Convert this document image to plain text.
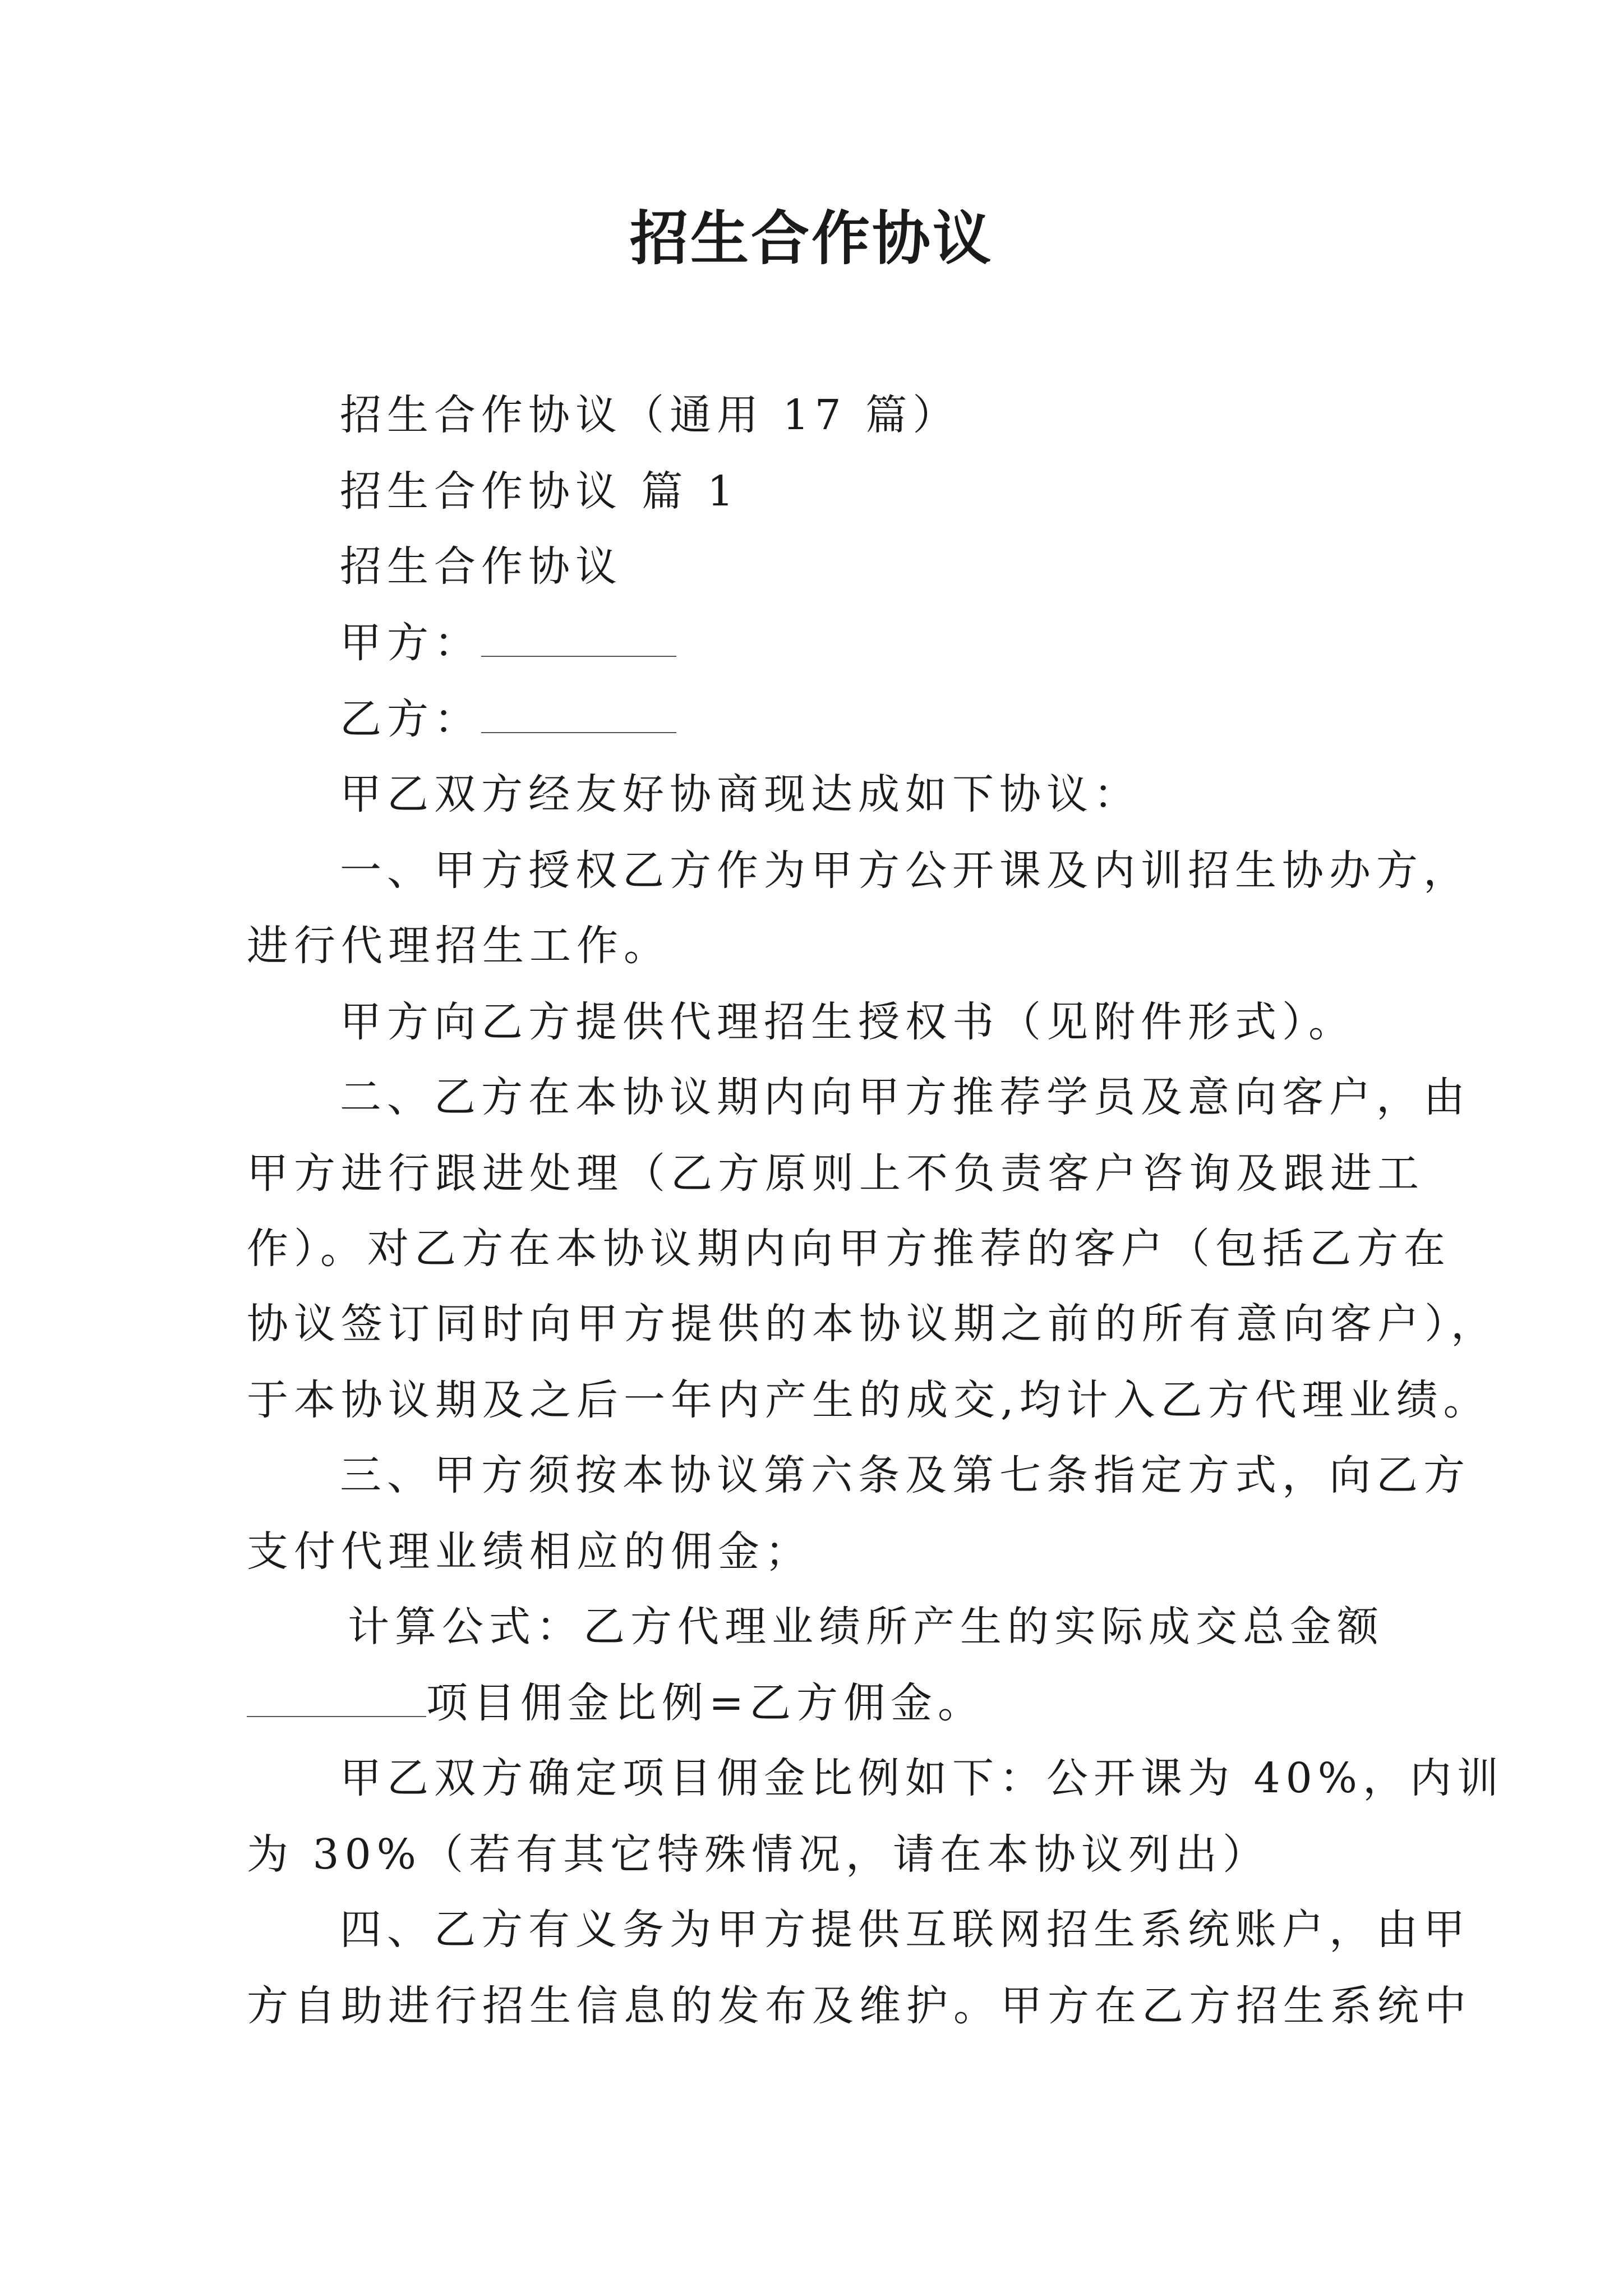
招生合作协议
招生合作协议（通用 17 篇）
招生合作协议 篇 1
招生合作协议
甲方：
乙方：
甲乙双方经友好协商现达成如下协议：
一、甲方授权乙方作为甲方公开课及内训招生协办方，
进行代理招生工作。
甲方向乙方提供代理招生授权书（见附件形式）。
二、乙方在本协议期内向甲方推荐学员及意向客户，由
甲方进行跟进处理（乙方原则上不负责客户咨询及跟进工
作）。对乙方在本协议期内向甲方推荐的客户（包括乙方在
协议签订同时向甲方提供的本协议期之前的所有意向客户），
于本协议期及之后一年内产生的成交,均计入乙方代理业绩。
三、甲方须按本协议第六条及第七条指定方式，向乙方
支付代理业绩相应的佣金；
计算公式：乙方代理业绩所产生的实际成交总金额
项目佣金比例=乙方佣金。
甲乙双方确定项目佣金比例如下：公开课为 40%，内训
为 30%（若有其它特殊情况，请在本协议列出）
四、乙方有义务为甲方提供互联网招生系统账户，由甲
方自助进行招生信息的发布及维护。甲方在乙方招生系统中
